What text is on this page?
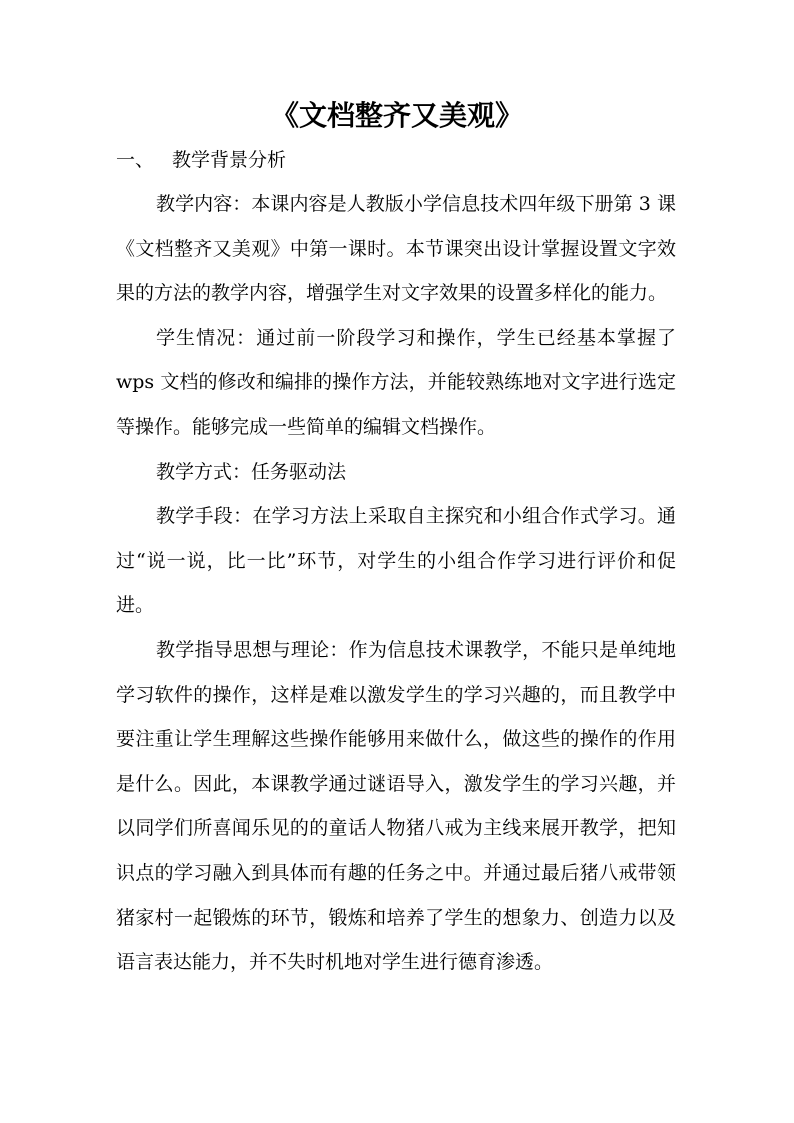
《文档整齐又美观》
一、 教学背景分析

教学内容：本课内容是人教版小学信息技术四年级下册第 3 课《文档整齐又美观》中第一课时。本节课突出设计掌握设置文字效果的方法的教学内容，增强学生对文字效果的设置多样化的能力。

学生情况：通过前一阶段学习和操作，学生已经基本掌握了 wps 文档的修改和编排的操作方法，并能较熟练地对文字进行选定等操作。能够完成一些简单的编辑文档操作。

教学方式：任务驱动法

教学手段：在学习方法上采取自主探究和小组合作式学习。通过“说一说，比一比”环节，对学生的小组合作学习进行评价和促进。

教学指导思想与理论：作为信息技术课教学，不能只是单纯地学习软件的操作，这样是难以激发学生的学习兴趣的，而且教学中要注重让学生理解这些操作能够用来做什么，做这些的操作的作用是什么。因此，本课教学通过谜语导入，激发学生的学习兴趣，并以同学们所喜闻乐见的的童话人物猪八戒为主线来展开教学，把知识点的学习融入到具体而有趣的任务之中。并通过最后猪八戒带领猪家村一起锻炼的环节，锻炼和培养了学生的想象力、创造力以及语言表达能力，并不失时机地对学生进行德育渗透。
